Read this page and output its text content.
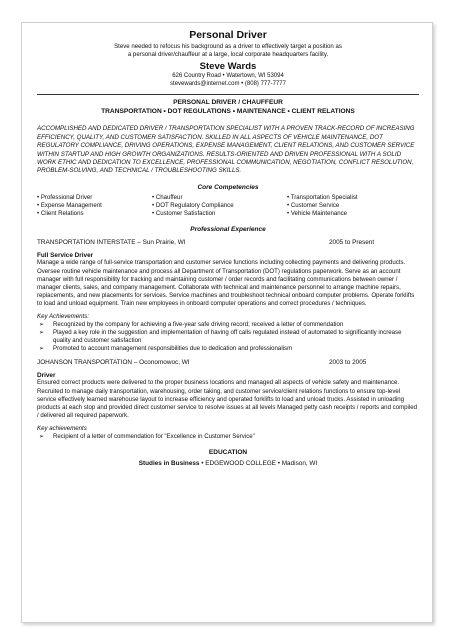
Personal Driver
Steve needed to refocus his background as a driver to effectively target a position as
a personal driver/chauffeur at a large, local corporate headquarters facility.
Steve Wards
626 Country Road • Watertown, WI 53094
stevewards@internet.com • (808) 777-7777
PERSONAL DRIVER / CHAUFFEUR
TRANSPORTATION • DOT REGULATIONS • MAINTENANCE • CLIENT RELATIONS
ACCOMPLISHED AND DEDICATED DRIVER / TRANSPORTATION SPECIALIST WITH A PROVEN TRACK-RECORD OF INCREASING EFFICIENCY, QUALITY, AND CUSTOMER SATISFACTION. SKILLED IN ALL ASPECTS OF VEHICLE MAINTENANCE, DOT REGULATORY COMPLIANCE, DRIVING OPERATIONS, EXPENSE MANAGEMENT, CLIENT RELATIONS, AND CUSTOMER SERVICE WITHIN STARTUP AND HIGH GROWTH ORGANIZATIONS. RESULTS-ORIENTED AND DRIVEN PROFESSIONAL WITH A SOLID WORK ETHIC AND DEDICATION TO EXCELLENCE, PROFESSIONAL COMMUNICATION, NEGOTIATION, CONFLICT RESOLUTION, PROBLEM-SOLVING, AND TECHNICAL / TROUBLESHOOTING SKILLS.
Core Competencies
• Professional Driver
• Expense Management
• Client Relations
• Chauffeur
• DOT Regulatory Compliance
• Customer Satisfaction
• Transportation Specialist
• Customer Service
• Vehicle Maintenance
Professional Experience
TRANSPORTATION INTERSTATE – Sun Prairie, WI	2005 to Present
Full Service Driver
Manage a wide range of full-service transportation and customer service functions including collecting payments and delivering products.
Oversee routine vehicle maintenance and process all Department of Transportation (DOT) regulations paperwork. Serve as an account manager with full responsibility for tracking and maintaining customer / order records and facilitating communications between owner / manager clients, sales, and company management. Collaborate with technical and maintenance personnel to arrange machine repairs, replacements, and new placements for services. Service machines and troubleshoot technical onboard computer problems. Operate forklifts to load and unload equipment. Train new employees in onboard computer operations and correct procedures / techniques.
Key Achievements:
➢ Recognized by the company for achieving a five-year safe driving record; received a letter of commendation
➢ Played a key role in the suggestion and implementation of having off calls regulated instead of automated to significantly increase quality and customer satisfaction
➢ Promoted to account management responsibilities due to dedication and professionalism
JOHANSON TRANSPORTATION – Oconomowoc, WI	2003 to 2005
Driver
Ensured correct products were delivered to the proper business locations and managed all aspects of vehicle safety and maintenance.
Recruited to manage daily transportation, warehousing, order taking, and customer service/client relations functions to ensure top-level service effectively learned warehouse layout to increase efficiency and operated forklifts to load and unload trucks. Assisted in unloading products at each stop and provided direct customer service to resolve issues at all levels Managed petty cash receipts / reports and compiled / delivered all required paperwork.
Key achievements
➢ Recipient of a letter of commendation for "Excellence in Customer Service"
EDUCATION
Studies in Business • EDGEWOOD COLLEGE • Madison, WI
